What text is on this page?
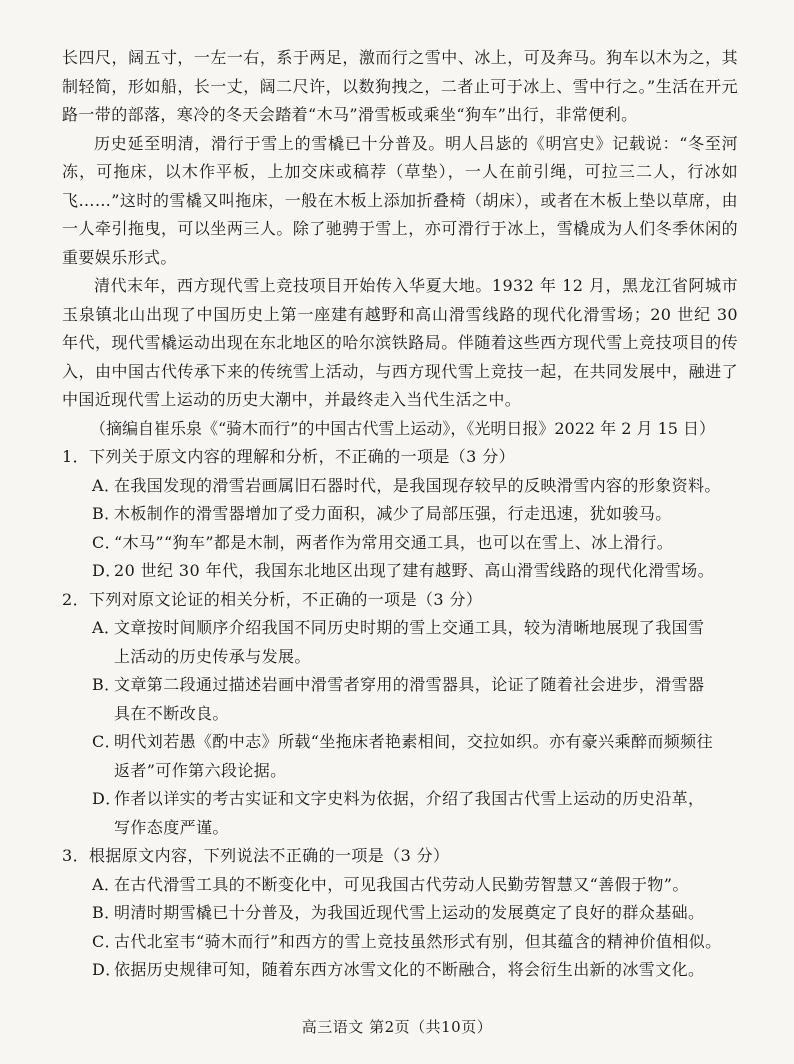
长四尺，阔五寸，一左一右，系于两足，激而行之雪中、冰上，可及奔马。狗车以木为之，其制轻简，形如船，长一丈，阔二尺许，以数狗拽之，二者止可于冰上、雪中行之。”生活在开元路一带的部落，寒冷的冬天会踏着“木马”滑雪板或乘坐“狗车”出行，非常便利。

历史延至明清，滑行于雪上的雪橇已十分普及。明人吕毖的《明宫史》记载说：“冬至河冻，可拖床，以木作平板，上加交床或稿荐（草垫），一人在前引绳，可拉三二人，行冰如飞……”这时的雪橇又叫拖床，一般在木板上添加折叠椅（胡床），或者在木板上垫以草席，由一人牵引拖曳，可以坐两三人。除了驰骋于雪上，亦可滑行于冰上，雪橇成为人们冬季休闲的重要娱乐形式。

清代末年，西方现代雪上竞技项目开始传入华夏大地。1932 年 12 月，黑龙江省阿城市玉泉镇北山出现了中国历史上第一座建有越野和高山滑雪线路的现代化滑雪场；20 世纪 30 年代，现代雪橇运动出现在东北地区的哈尔滨铁路局。伴随着这些西方现代雪上竞技项目的传入，由中国古代传承下来的传统雪上活动，与西方现代雪上竞技一起，在共同发展中，融进了中国近现代雪上运动的历史大潮中，并最终走入当代生活之中。

（摘编自崔乐泉《“骑木而行”的中国古代雪上运动》，《光明日报》2022 年 2 月 15 日）

1．下列关于原文内容的理解和分析，不正确的一项是（3 分）

A．在我国发现的滑雪岩画属旧石器时代，是我国现存较早的反映滑雪内容的形象资料。

B．木板制作的滑雪器增加了受力面积，减少了局部压强，行走迅速，犹如骏马。

C．“木马”“狗车”都是木制，两者作为常用交通工具，也可以在雪上、冰上滑行。

D．20 世纪 30 年代，我国东北地区出现了建有越野、高山滑雪线路的现代化滑雪场。

2．下列对原文论证的相关分析，不正确的一项是（3 分）

A．文章按时间顺序介绍我国不同历史时期的雪上交通工具，较为清晰地展现了我国雪

上活动的历史传承与发展。

B．文章第二段通过描述岩画中滑雪者穿用的滑雪器具，论证了随着社会进步，滑雪器

具在不断改良。

C．明代刘若愚《酌中志》所载“坐拖床者艳素相间，交拉如织。亦有豪兴乘醉而频频往

返者”可作第六段论据。

D．作者以详实的考古实证和文字史料为依据，介绍了我国古代雪上运动的历史沿革，

写作态度严谨。

3．根据原文内容，下列说法不正确的一项是（3 分）

A．在古代滑雪工具的不断变化中，可见我国古代劳动人民勤劳智慧又“善假于物”。

B．明清时期雪橇已十分普及，为我国近现代雪上运动的发展奠定了良好的群众基础。

C．古代北室韦“骑木而行”和西方的雪上竞技虽然形式有别，但其蕴含的精神价值相似。

D．依据历史规律可知，随着东西方冰雪文化的不断融合，将会衍生出新的冰雪文化。

高三语文 第2页（共10页）
